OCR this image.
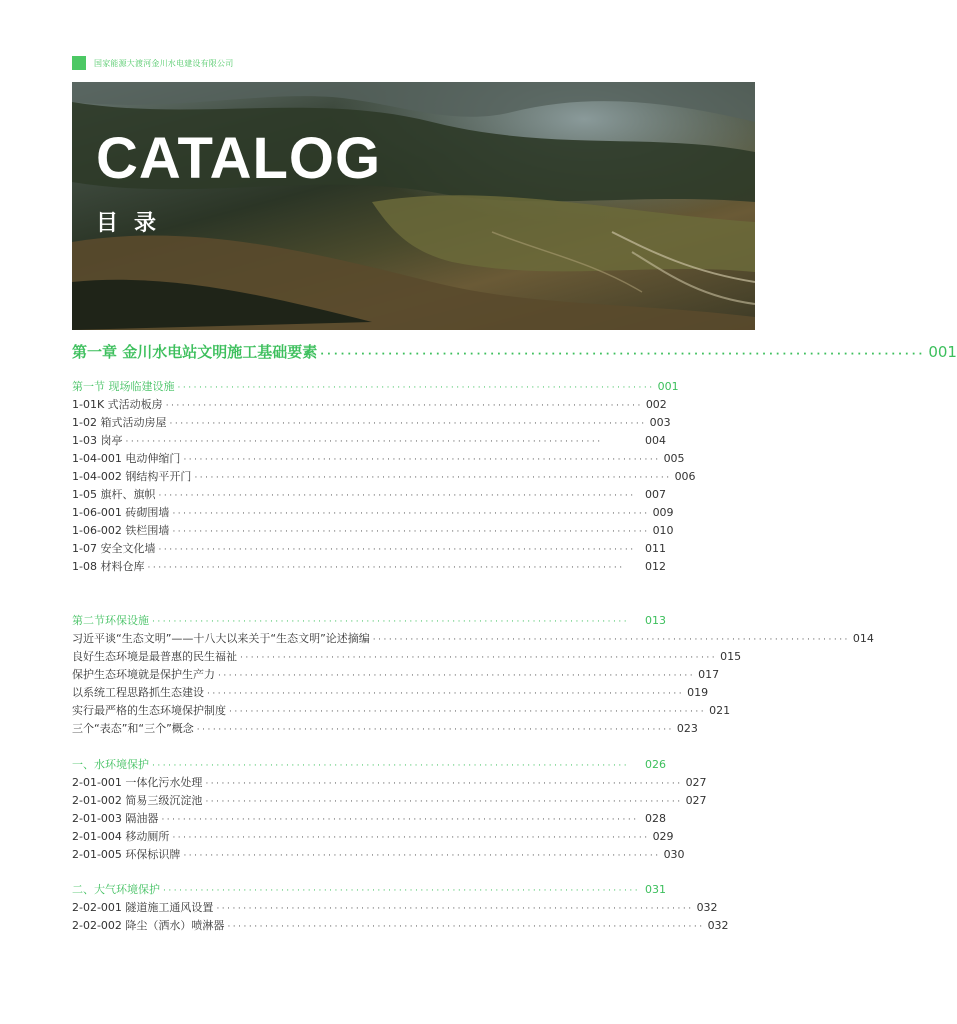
国家能源大渡河金川水电建设有限公司
CATALOG
目录
第一章 金川水电站文明施工基础要素 ························································································· 001
第一节 现场临建设施 ························································································· 001
1-01K 式活动板房 ························································································· 002
1-02 箱式活动房屋 ························································································· 003
1-03 岗亭 ·························································································	004
1-04-001 电动伸缩门 ························································································· 005
1-04-002 钢结构平开门 ························································································· 006
1-05 旗杆、旗帜 ························································································· 007
1-06-001 砖砌围墙 ························································································· 009
1-06-002 铁栏围墙 ························································································· 010
1-07 安全文化墙 ························································································· 011
1-08 材料仓库 ·························································································	012
第二节环保设施 ·························································································	013
习近平谈“生态文明”——十八大以来关于“生态文明”论述摘编 ························································································· 014
良好生态环境是最普惠的民生福祉 ························································································· 015
保护生态环境就是保护生产力 ························································································· 017
以系统工程思路抓生态建设 ························································································· 019
实行最严格的生态环境保护制度 ························································································· 021
三个“表态”和“三个”概念 ························································································· 023
一、水环境保护 ·························································································	026
2-01-001 一体化污水处理 ························································································· 027
2-01-002 简易三级沉淀池 ························································································· 027
2-01-003 隔油器 ························································································· 028
2-01-004 移动厕所 ························································································· 029
2-01-005 环保标识牌 ························································································· 030
二、大气环境保护 ························································································· 031
2-02-001 隧道施工通风设置 ························································································· 032
2-02-002 降尘（洒水）喷淋器 ························································································· 032
